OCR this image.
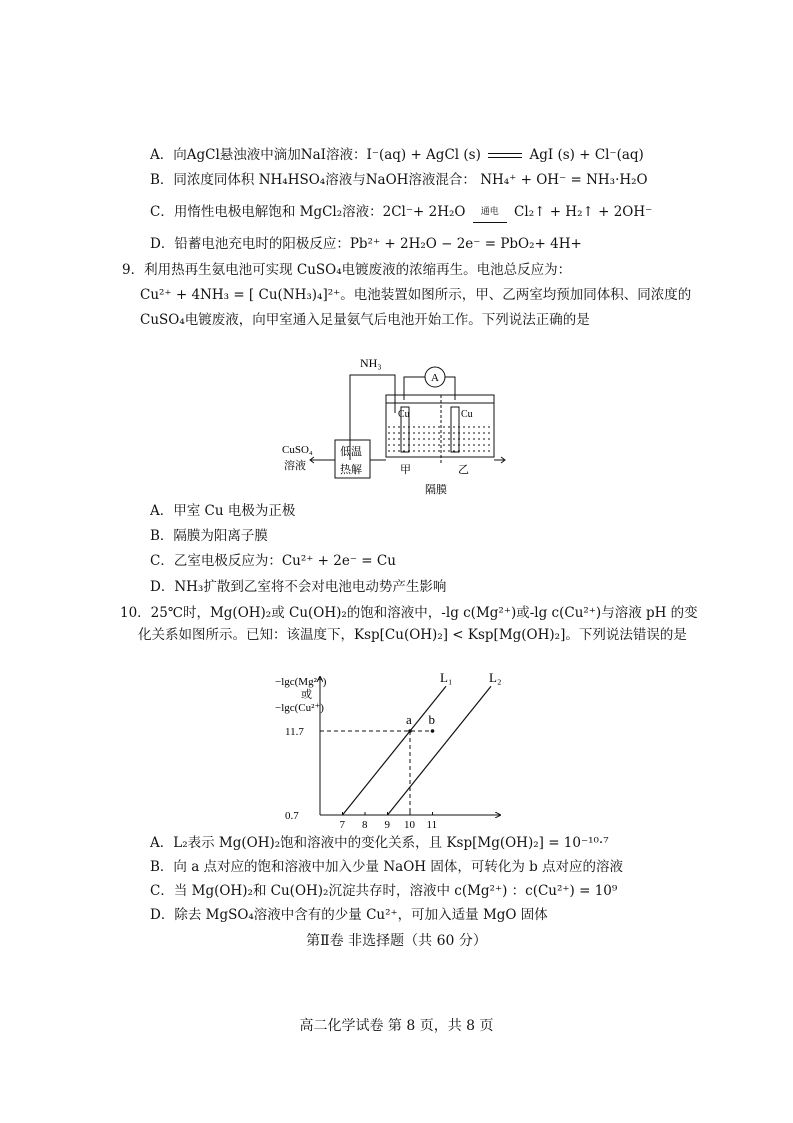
A．向AgCl悬浊液中滴加NaI溶液：I⁻(aq) + AgCl (s)	AgI (s) + Cl⁻(aq)
B．同浓度同体积 NH₄HSO₄溶液与NaOH溶液混合： NH₄⁺ + OH⁻ = NH₃·H₂O
C．用惰性电极电解饱和 MgCl₂溶液：2Cl⁻+ 2H₂O 通电 Cl₂↑ + H₂↑ + 2OH⁻
D．铅蓄电池充电时的阳极反应：Pb²⁺ + 2H₂O − 2e⁻ = PbO₂+ 4H+
9．利用热再生氨电池可实现 CuSO₄电镀废液的浓缩再生。电池总反应为：
Cu²⁺ + 4NH₃ = [ Cu(NH₃)₄]²⁺。电池装置如图所示，甲、乙两室均预加同体积、同浓度的
CuSO₄电镀废液，向甲室通入足量氨气后电池开始工作。下列说法正确的是
NH₃
A
Cu	Cu
CuSO₄
溶液
低温
热解	甲	乙
隔膜
A．甲室 Cu 电极为正极
B．隔膜为阳离子膜
C．乙室电极反应为：Cu²⁺ + 2e⁻ = Cu
D．NH₃扩散到乙室将不会对电池电动势产生影响
10．25℃时，Mg(OH)₂或 Cu(OH)₂的饱和溶液中，-lg c(Mg²⁺)或-lg c(Cu²⁺)与溶液 pH 的变
化关系如图所示。已知：该温度下，Ksp[Cu(OH)₂] < Ksp[Mg(OH)₂]。下列说法错误的是
−lgc(Mg²⁺)
或
−lgc(Cu²⁺)
L₁	L₂
a b
11.7
0.7
7 8 9 10 11
A．L₂表示 Mg(OH)₂饱和溶液中的变化关系，且 Ksp[Mg(OH)₂] = 10⁻¹⁰·⁷
B．向 a 点对应的饱和溶液中加入少量 NaOH 固体，可转化为 b 点对应的溶液
C．当 Mg(OH)₂和 Cu(OH)₂沉淀共存时，溶液中 c(Mg²⁺) ：c(Cu²⁺) = 10⁹
D．除去 MgSO₄溶液中含有的少量 Cu²⁺，可加入适量 MgO 固体
第Ⅱ卷 非选择题（共 60 分）
高二化学试卷 第 8 页，共 8 页
